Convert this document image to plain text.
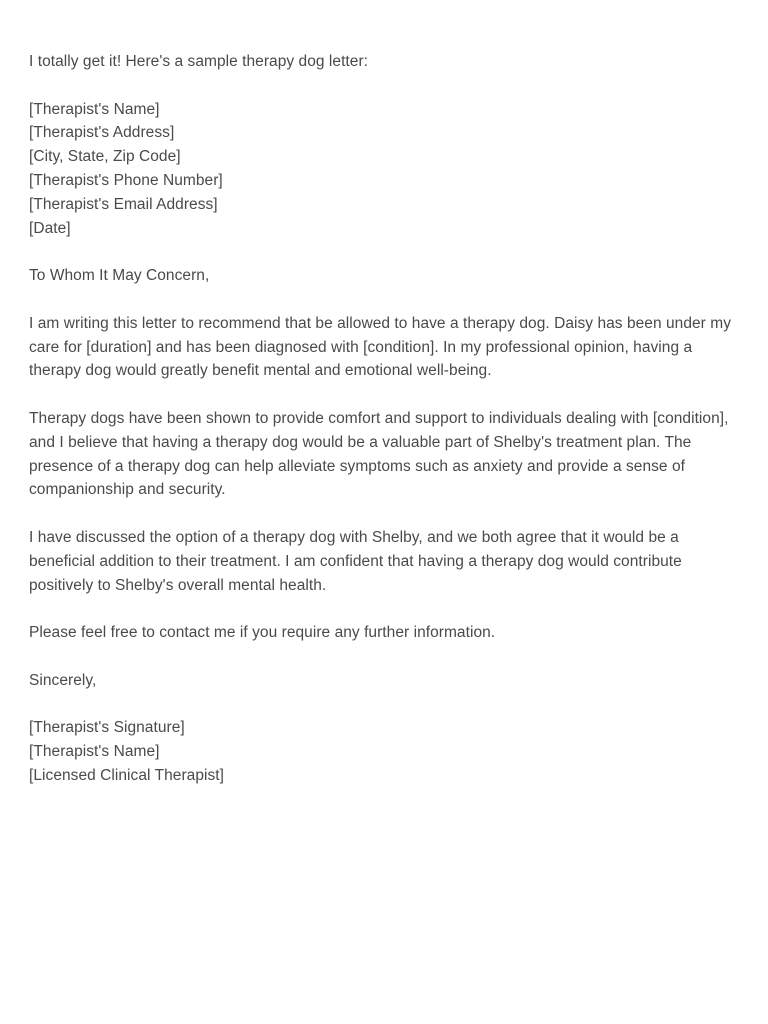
I totally get it! Here's a sample therapy dog letter:

[Therapist's Name]
[Therapist's Address]
[City, State, Zip Code]
[Therapist's Phone Number]
[Therapist's Email Address]
[Date]

To Whom It May Concern,

I am writing this letter to recommend that be allowed to have a therapy dog. Daisy has been under my care for [duration] and has been diagnosed with [condition]. In my professional opinion, having a therapy dog would greatly benefit mental and emotional well-being.

Therapy dogs have been shown to provide comfort and support to individuals dealing with [condition], and I believe that having a therapy dog would be a valuable part of Shelby's treatment plan. The presence of a therapy dog can help alleviate symptoms such as anxiety and provide a sense of companionship and security.

I have discussed the option of a therapy dog with Shelby, and we both agree that it would be a beneficial addition to their treatment. I am confident that having a therapy dog would contribute positively to Shelby's overall mental health.

Please feel free to contact me if you require any further information.

Sincerely,

[Therapist's Signature]
[Therapist's Name]
[Licensed Clinical Therapist]
